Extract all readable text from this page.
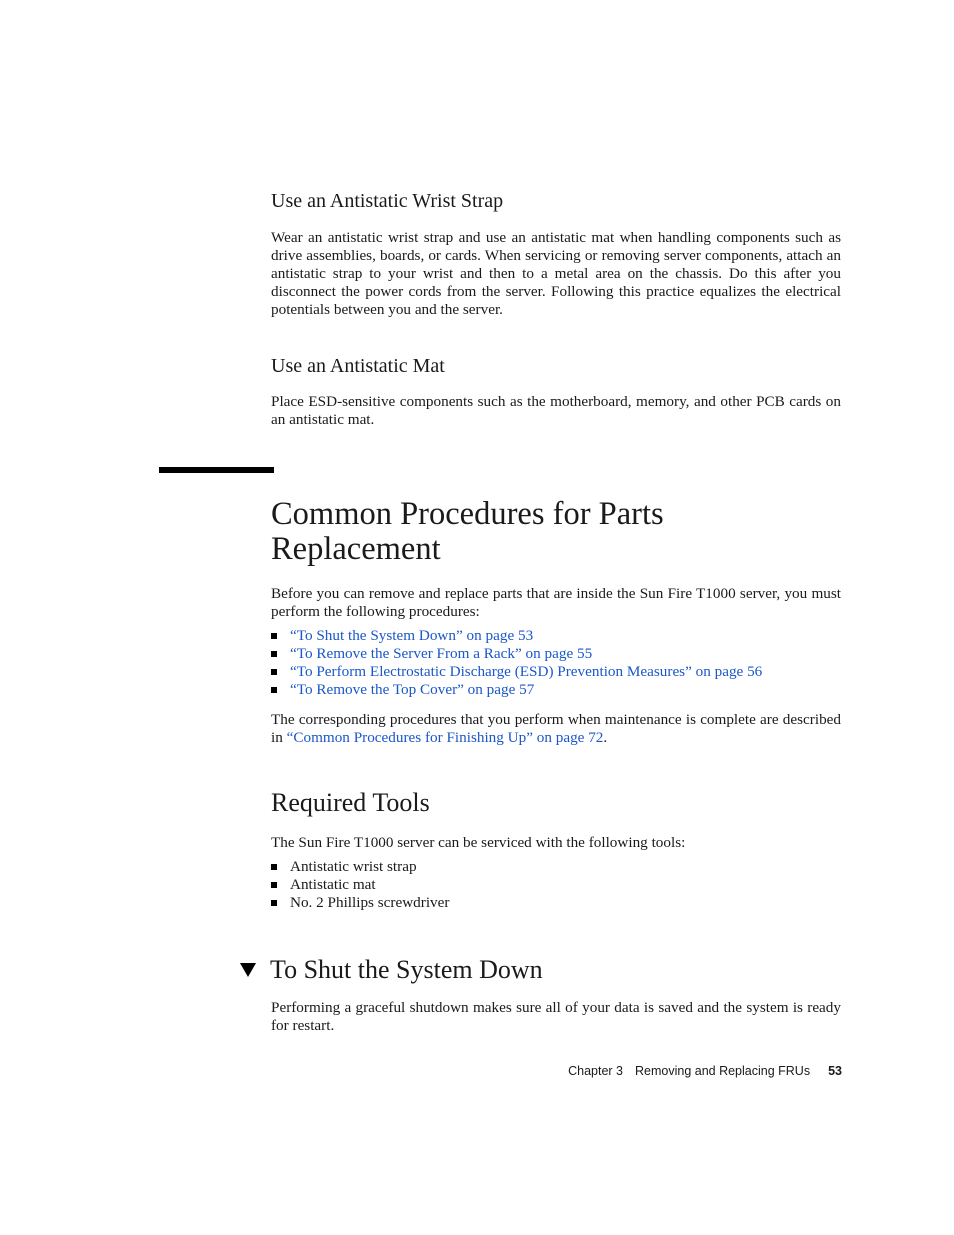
Use an Antistatic Wrist Strap

Wear an antistatic wrist strap and use an antistatic mat when handling components such as drive assemblies, boards, or cards. When servicing or removing server components, attach an antistatic strap to your wrist and then to a metal area on the chassis. Do this after you disconnect the power cords from the server. Following this practice equalizes the electrical potentials between you and the server.

Use an Antistatic Mat

Place ESD-sensitive components such as the motherboard, memory, and other PCB cards on an antistatic mat.

Common Procedures for Parts
Replacement

Before you can remove and replace parts that are inside the Sun Fire T1000 server, you must perform the following procedures:

“To Shut the System Down” on page 53
“To Remove the Server From a Rack” on page 55
“To Perform Electrostatic Discharge (ESD) Prevention Measures” on page 56
“To Remove the Top Cover” on page 57

The corresponding procedures that you perform when maintenance is complete are described in “Common Procedures for Finishing Up” on page 72.

Required Tools

The Sun Fire T1000 server can be serviced with the following tools:

Antistatic wrist strap
Antistatic mat
No. 2 Phillips screwdriver
To Shut the System Down

Performing a graceful shutdown makes sure all of your data is saved and the system is ready for restart.

Chapter 3 Removing and Replacing FRUs 53
